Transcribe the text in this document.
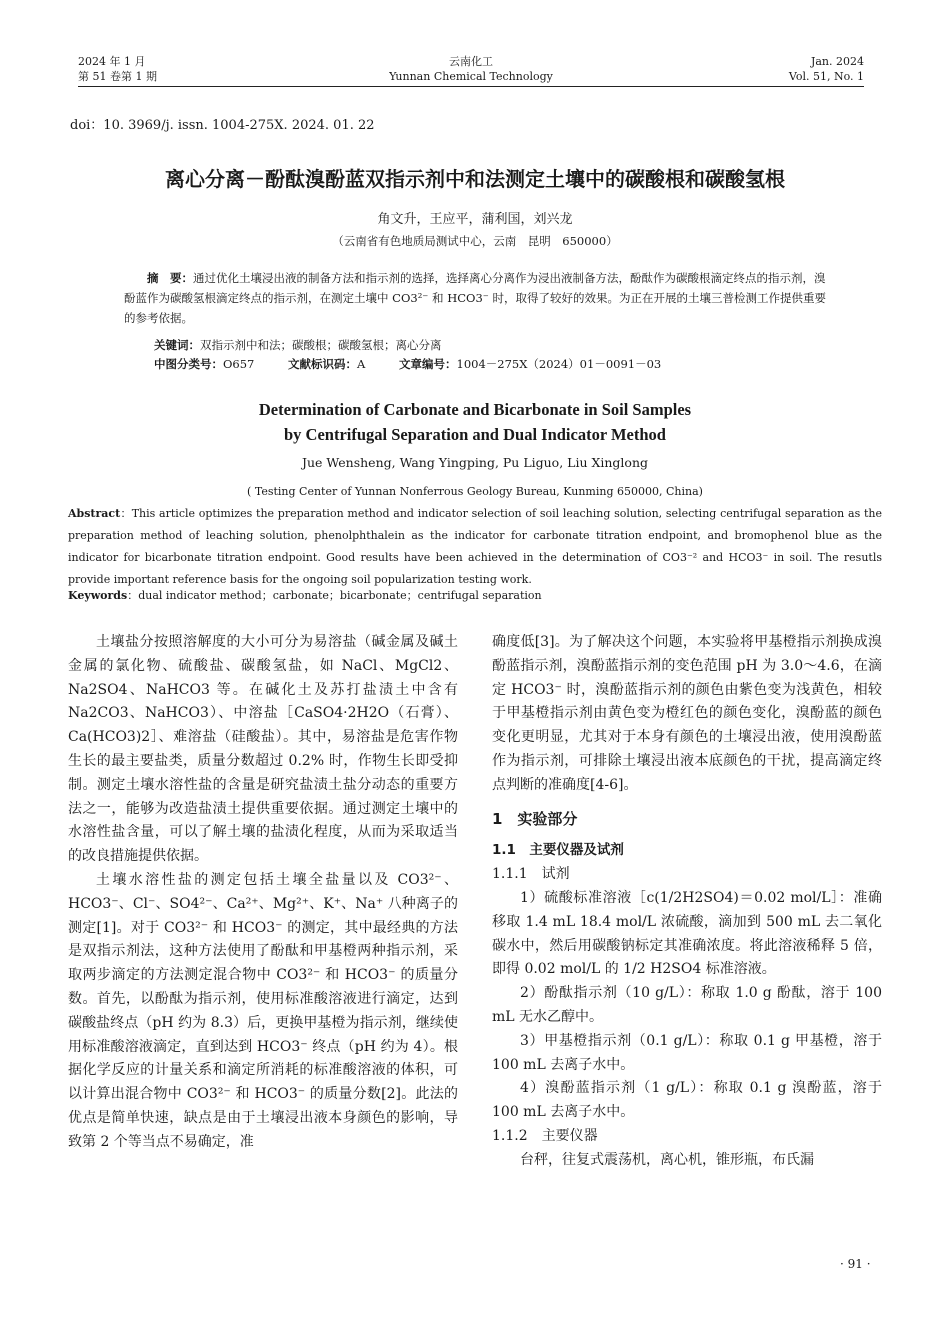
2024 年 1 月
第 51 卷第 1 期
云南化工
Yunnan Chemical Technology
Jan. 2024
Vol. 51, No. 1
doi：10. 3969/j. issn. 1004-275X. 2024. 01. 22
离心分离－酚酞溴酚蓝双指示剂中和法测定土壤中的碳酸根和碳酸氢根
角文升，王应平，蒲利国，刘兴龙
（云南省有色地质局测试中心，云南　昆明　650000）
摘　要：通过优化土壤浸出液的制备方法和指示剂的选择，选择离心分离作为浸出液制备方法，酚酞作为碳酸根滴定终点的指示剂，溴酚蓝作为碳酸氢根滴定终点的指示剂，在测定土壤中 CO3²⁻ 和 HCO3⁻ 时，取得了较好的效果。为正在开展的土壤三普检测工作提供重要的参考依据。
关键词：双指示剂中和法；碳酸根；碳酸氢根；离心分离
中图分类号：O657	文献标识码：A	文章编号：1004－275X（2024）01－0091－03
Determination of Carbonate and Bicarbonate in Soil Samples
by Centrifugal Separation and Dual Indicator Method
Jue Wensheng, Wang Yingping, Pu Liguo, Liu Xinglong
( Testing Center of Yunnan Nonferrous Geology Bureau, Kunming 650000, China)
Abstract：This article optimizes the preparation method and indicator selection of soil leaching solution, selecting centrifugal separation as the preparation method of leaching solution, phenolphthalein as the indicator for carbonate titration endpoint, and bromophenol blue as the indicator for bicarbonate titration endpoint. Good results have been achieved in the determination of CO3⁻² and HCO3⁻ in soil. The resutls provide important reference basis for the ongoing soil popularization testing work.
Keywords：dual indicator method；carbonate；bicarbonate；centrifugal separation

土壤盐分按照溶解度的大小可分为易溶盐（碱金属及碱土金属的氯化物、硫酸盐、碳酸氢盐，如 NaCl、MgCl2、Na2SO4、NaHCO3 等。在碱化土及苏打盐渍土中含有 Na2CO3、NaHCO3）、中溶盐［CaSO4·2H2O（石膏）、Ca(HCO3)2］、难溶盐（硅酸盐）。其中，易溶盐是危害作物生长的最主要盐类，质量分数超过 0.2% 时，作物生长即受抑制。测定土壤水溶性盐的含量是研究盐渍土盐分动态的重要方法之一，能够为改造盐渍土提供重要依据。通过测定土壤中的水溶性盐含量，可以了解土壤的盐渍化程度，从而为采取适当的改良措施提供依据。

土壤水溶性盐的测定包括土壤全盐量以及 CO3²⁻、HCO3⁻、Cl⁻、SO4²⁻、Ca²⁺、Mg²⁺、K⁺、Na⁺ 八种离子的测定[1]。对于 CO3²⁻ 和 HCO3⁻ 的测定，其中最经典的方法是双指示剂法，这种方法使用了酚酞和甲基橙两种指示剂，采取两步滴定的方法测定混合物中 CO3²⁻ 和 HCO3⁻ 的质量分数。首先，以酚酞为指示剂，使用标准酸溶液进行滴定，达到碳酸盐终点（pH 约为 8.3）后，更换甲基橙为指示剂，继续使用标准酸溶液滴定，直到达到 HCO3⁻ 终点（pH 约为 4）。根据化学反应的计量关系和滴定所消耗的标准酸溶液的体积，可以计算出混合物中 CO3²⁻ 和 HCO3⁻ 的质量分数[2]。此法的优点是简单快速，缺点是由于土壤浸出液本身颜色的影响，导致第 2 个等当点不易确定，准

确度低[3]。为了解决这个问题，本实验将甲基橙指示剂换成溴酚蓝指示剂，溴酚蓝指示剂的变色范围 pH 为 3.0～4.6，在滴定 HCO3⁻ 时，溴酚蓝指示剂的颜色由紫色变为浅黄色，相较于甲基橙指示剂由黄色变为橙红色的颜色变化，溴酚蓝的颜色变化更明显，尤其对于本身有颜色的土壤浸出液，使用溴酚蓝作为指示剂，可排除土壤浸出液本底颜色的干扰，提高滴定终点判断的准确度[4-6]。

1　实验部分

1.1　主要仪器及试剂

1.1.1　试剂

1）硫酸标准溶液［c(1/2H2SO4)＝0.02 mol/L］：准确移取 1.4 mL 18.4 mol/L 浓硫酸，滴加到 500 mL 去二氧化碳水中，然后用碳酸钠标定其准确浓度。将此溶液稀释 5 倍，即得 0.02 mol/L 的 1/2 H2SO4 标准溶液。

2）酚酞指示剂（10 g/L）：称取 1.0 g 酚酞，溶于 100 mL 无水乙醇中。

3）甲基橙指示剂（0.1 g/L）：称取 0.1 g 甲基橙，溶于 100 mL 去离子水中。

4）溴酚蓝指示剂（1 g/L）：称取 0.1 g 溴酚蓝，溶于 100 mL 去离子水中。

1.1.2　主要仪器

台秤，往复式震荡机，离心机，锥形瓶，布氏漏

· 91 ·
